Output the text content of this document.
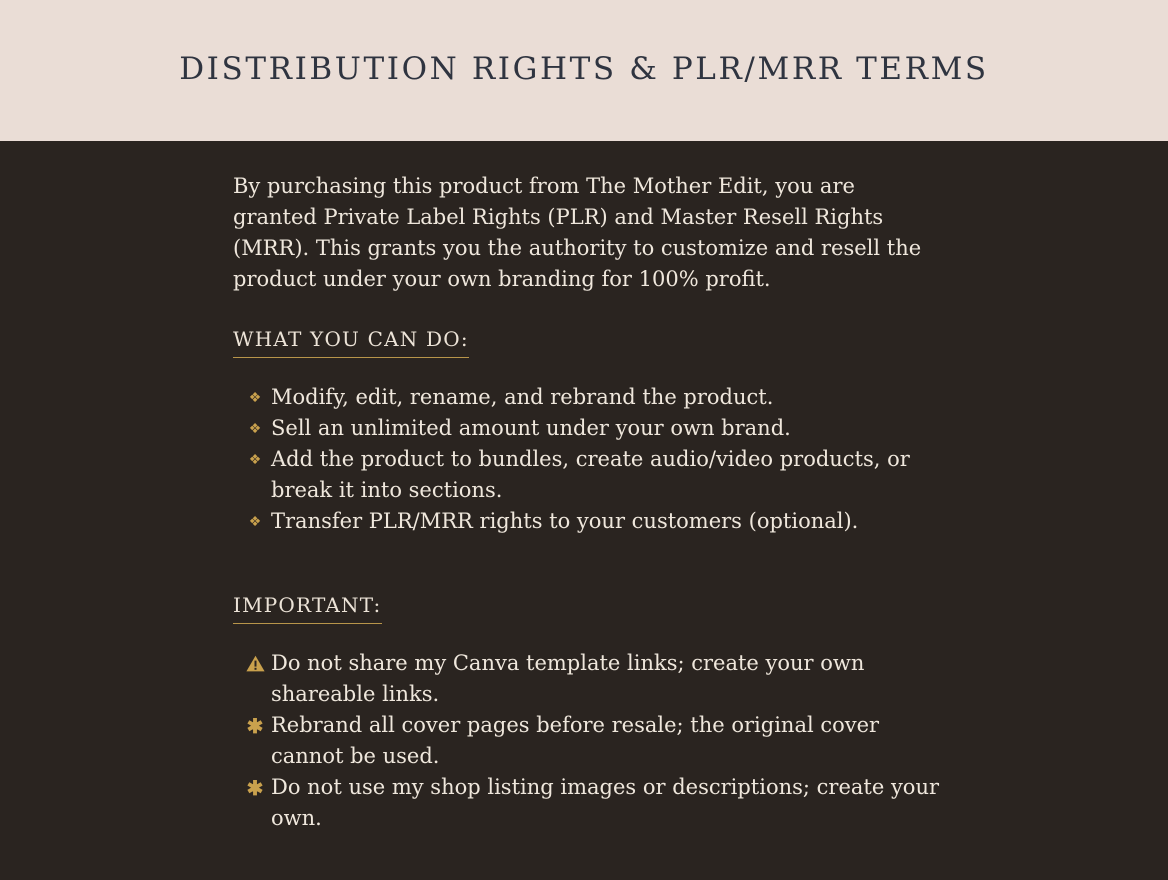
DISTRIBUTION RIGHTS & PLR/MRR TERMS

By purchasing this product from The Mother Edit, you are granted Private Label Rights (PLR) and Master Resell Rights (MRR). This grants you the authority to customize and resell the product under your own branding for 100% profit.

WHAT YOU CAN DO:
❖ Modify, edit, rename, and rebrand the product.
❖ Sell an unlimited amount under your own brand.
❖ Add the product to bundles, create audio/video products, or break it into sections.
❖ Transfer PLR/MRR rights to your customers (optional).
IMPORTANT:
Do not share my Canva template links; create your own shareable links.
✱ Rebrand all cover pages before resale; the original cover cannot be used.
✱ Do not use my shop listing images or descriptions; create your own.
